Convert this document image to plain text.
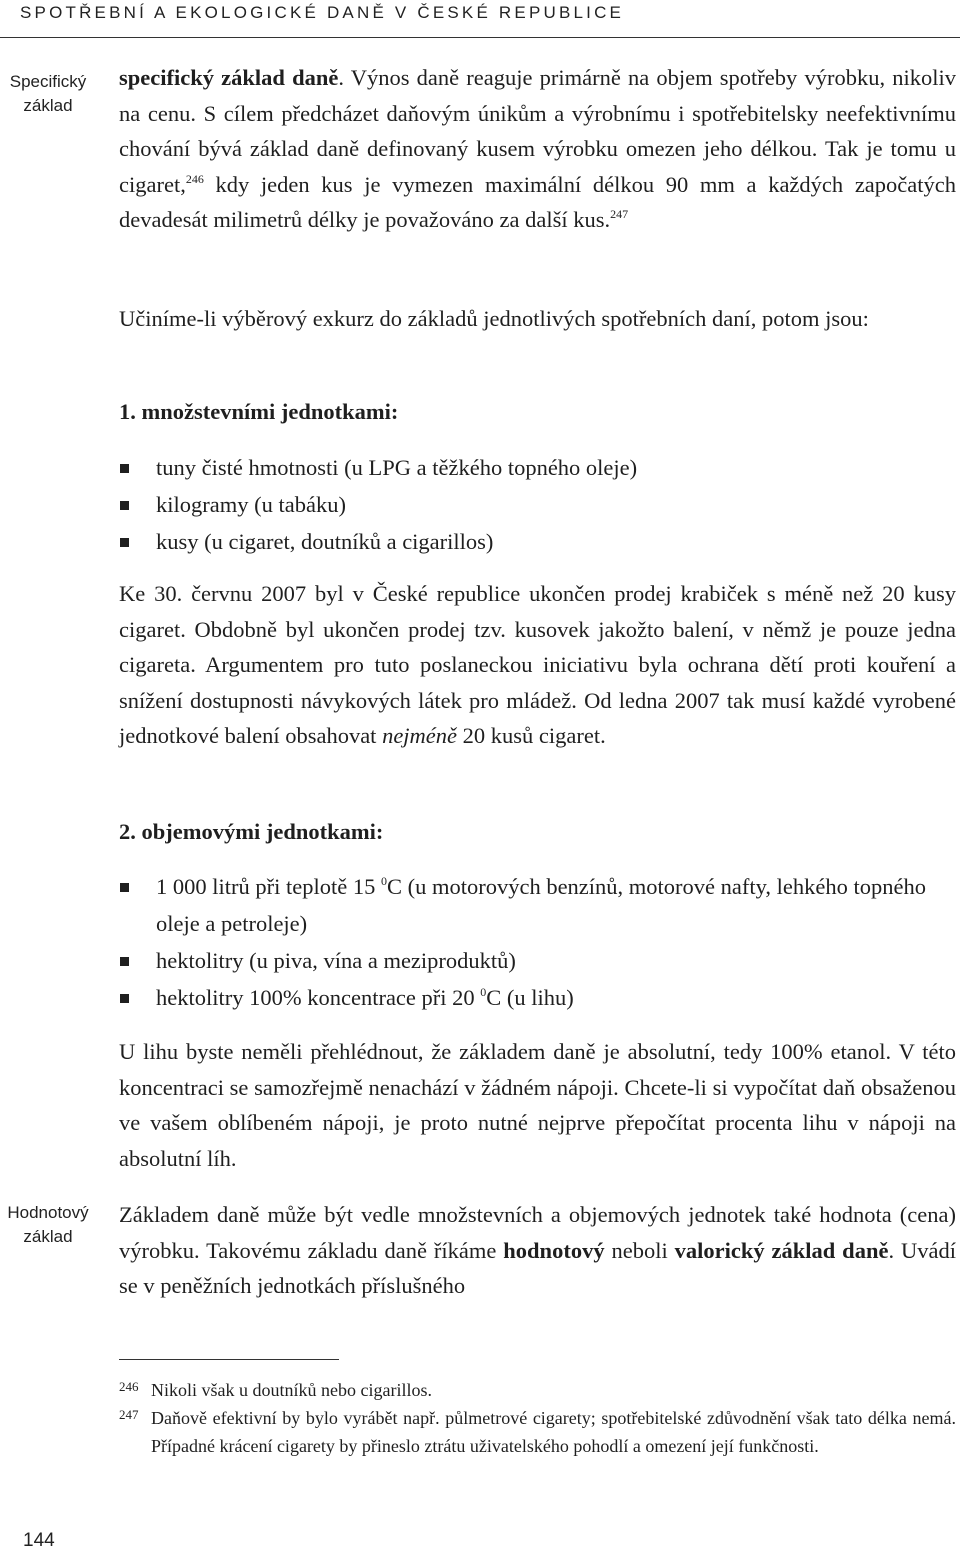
SPOTŘEBNÍ A EKOLOGICKÉ DANĚ V ČESKÉ REPUBLICE
Specifický
základ

specifický základ daně. Výnos daně reaguje primárně na objem spotřeby výrobku, nikoliv na cenu. S cílem předcházet daňovým únikům a výrobnímu i spotřebitelsky neefektivnímu chování bývá základ daně definovaný kusem výrobku omezen jeho délkou. Tak je tomu u cigaret,$^{246}$ kdy jeden kus je vymezen maximální délkou 90 mm a každých započatých devadesát milimetrů délky je považováno za další kus.$^{247}$

Učiníme-li výběrový exkurz do základů jednotlivých spotřebních daní, potom jsou:

1. množstevními jednotkami:
tuny čisté hmotnosti (u LPG a těžkého topného oleje)
kilogramy (u tabáku)
kusy (u cigaret, doutníků a cigarillos)

Ke 30. červnu 2007 byl v České republice ukončen prodej krabiček s méně než 20 kusy cigaret. Obdobně byl ukončen prodej tzv. kusovek jakožto balení, v němž je pouze jedna cigareta. Argumentem pro tuto poslaneckou iniciativu byla ochrana dětí proti kouření a snížení dostupnosti návykových látek pro mládež. Od ledna 2007 tak musí každé vyrobené jednotkové balení obsahovat nejméně 20 kusů cigaret.

2. objemovými jednotkami:
1 000 litrů při teplotě 15 $^0$C (u motorových benzínů, motorové nafty, lehkého topného oleje a petroleje)
hektolitry (u piva, vína a meziproduktů)
hektolitry 100% koncentrace při 20 $^0$C (u lihu)

U lihu byste neměli přehlédnout, že základem daně je absolutní, tedy 100% etanol. V této koncentraci se samozřejmě nenachází v žádném nápoji. Chcete-li si vypočítat daň obsaženou ve vašem oblíbeném nápoji, je proto nutné nejprve přepočítat procenta lihu v nápoji na absolutní líh.

Hodnotový
základ

Základem daně může být vedle množstevních a objemových jednotek také hodnota (cena) výrobku. Takovému základu daně říkáme hodnotový neboli valorický základ daně. Uvádí se v peněžních jednotkách příslušného

246 Nikoli však u doutníků nebo cigarillos.
247 Daňově efektivní by bylo vyrábět např. půlmetrové cigarety; spotřebitelské zdůvodnění však tato délka nemá. Případné krácení cigarety by přineslo ztrátu uživatelského pohodlí a omezení její funkčnosti.
144
